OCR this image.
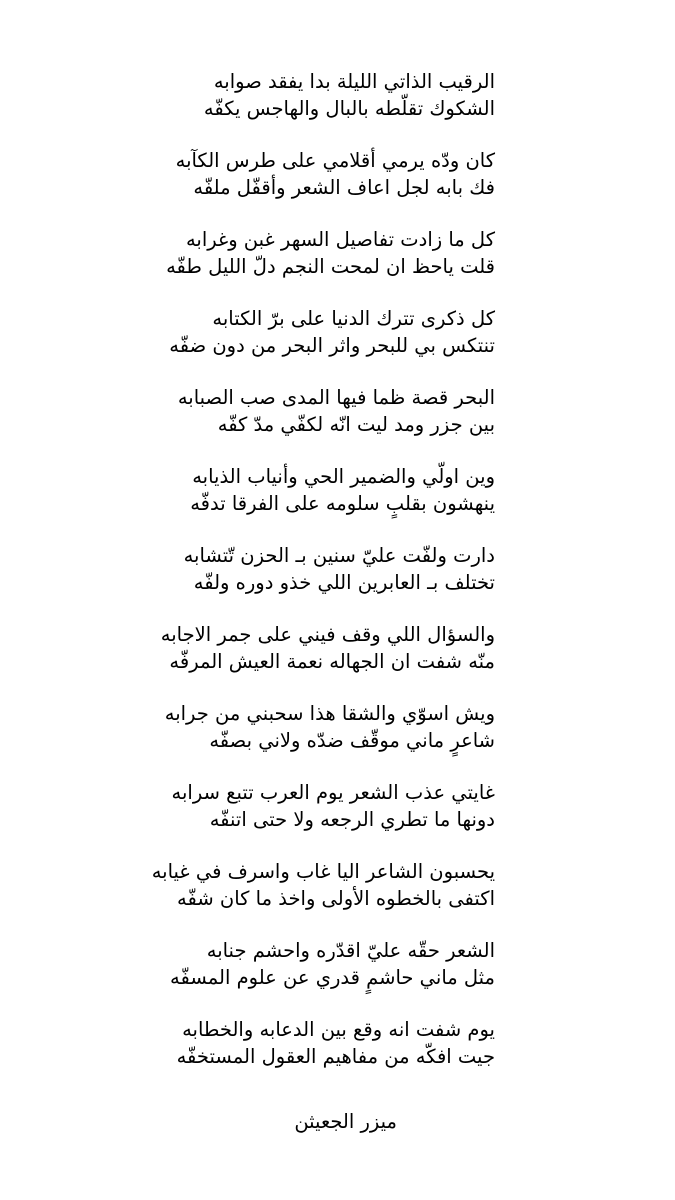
الرقيب الذاتي الليلة بدا يفقد صوابه
الشكوك تقلّطه بالبال والهاجس يكفّه
كان ودّه يرمي أقلامي على طرس الكآبه
فك بابه لجل اعاف الشعر وأقفّل ملفّه
كل ما زادت تفاصيل السهر غبن وغرابه
قلت ياحظ ان لمحت النجم دلّ الليل طفّه
كل ذكرى تترك الدنيا على برّ الكتابه
تنتكس بي للبحر واثر البحر من دون ضفّه
البحر قصة ظما فيها المدى صب الصبابه
بين جزر ومد ليت انّه لكفّي مدّ كفّه
وين اولّي والضمير الحي وأنياب الذيابه
ينهشون بقلبٍ سلومه على الفرقا تدفّه
دارت ولفّت عليّ سنين بـ الحزن تّتشابه
تختلف بـ العابرين اللي خذو دوره ولفّه
والسؤال اللي وقف فيني على جمر الاجابه
منّه شفت ان الجهاله نعمة العيش المرفّه
ويش اسوّي والشقا هذا سحبني من جرابه
شاعرٍ ماني موقّف ضدّه ولاني بصفّه
غايتي عذب الشعر يوم العرب تتبع سرابه
دونها ما تطري الرجعه ولا حتى اتنفّه
يحسبون الشاعر اليا غاب واسرف في غيابه
اكتفى بالخطوه الأولى واخذ ما كان شفّه
الشعر حقّه عليّ اقدّره واحشم جنابه
مثل ماني حاشمٍ قدري عن علوم المسفّه
يوم شفت انه وقع بين الدعابه والخطابه
جيت افكّه من مفاهيم العقول المستخفّه
ميزر الجعيثن
